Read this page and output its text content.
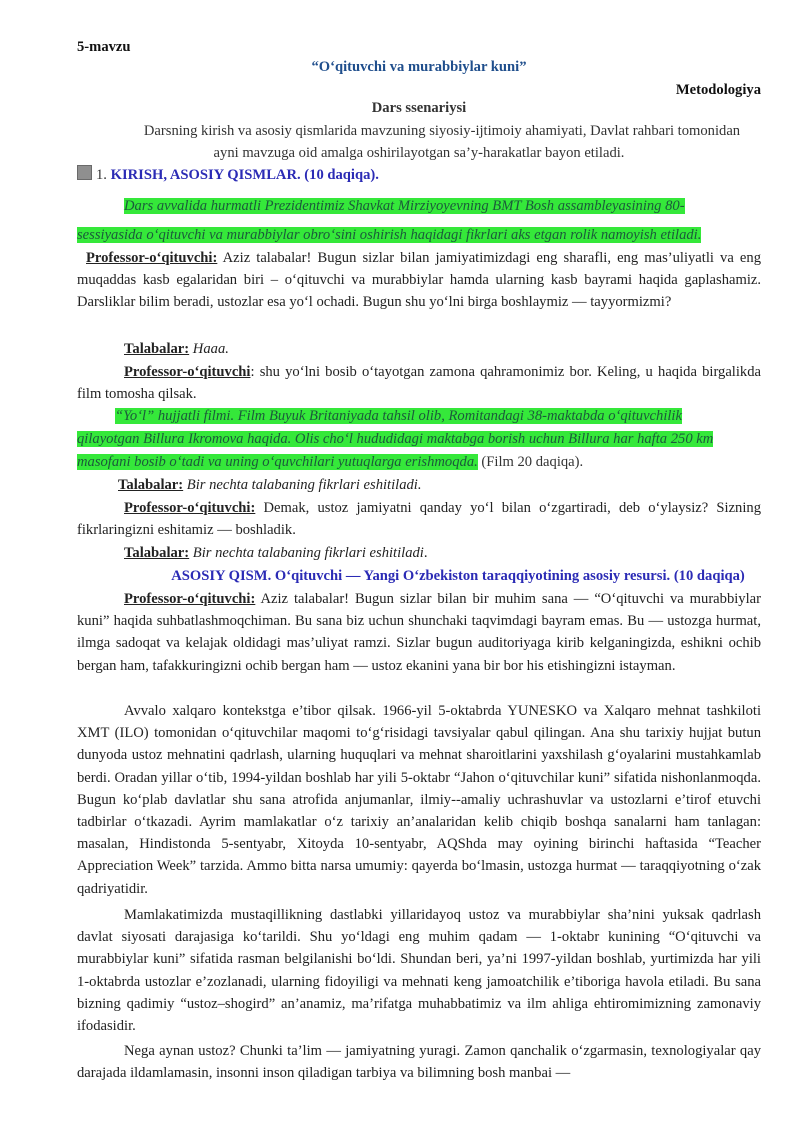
5-mavzu
“O‘qituvchi va murabbiylar kuni”
Metodologiya
Dars ssenariysi
Darsning kirish va asosiy qismlarida mavzuning siyosiy-ijtimoiy ahamiyati, Davlat rahbari tomonidan
ayni mavzuga oid amalga oshirilayotgan sa’y-harakatlar bayon etiladi.
1. KIRISH, ASOSIY QISMLAR. (10 daqiqa).
Dars avvalida hurmatli Prezidentimiz Shavkat Mirziyoyevning BMT Bosh assambleyasining 80-
sessiyasida o‘qituvchi va murabbiylar obro‘sini oshirish haqidagi fikrlari aks etgan rolik namoyish etiladi.

Professor-o‘qituvchi: Aziz talabalar! Bugun sizlar bilan jamiyatimizdagi eng sharafli, eng mas’uliyatli va eng muqaddas kasb egalaridan biri – o‘qituvchi va murabbiylar hamda ularning kasb bayrami haqida gaplashamiz. Darsliklar bilim beradi, ustozlar esa yo‘l ochadi. Bugun shu yo‘lni birga boshlaymiz — tayyormizmi?

Talabalar: Haaa.

Professor-o‘qituvchi: shu yo‘lni bosib o‘tayotgan zamona qahramonimiz bor. Keling, u haqida birgalikda film tomosha qilsak.

“Yo‘l” hujjatli filmi. Film Buyuk Britaniyada tahsil olib, Romitandagi 38-maktabda o‘qituvchilik
qilayotgan Billura Ikromova haqida. Olis cho‘l hududidagi maktabga borish uchun Billura har hafta 250 km
masofani bosib o‘tadi va uning o‘quvchilari yutuqlarga erishmoqda. (Film 20 daqiqa).
Talabalar: Bir nechta talabaning fikrlari eshitiladi.

Professor-o‘qituvchi: Demak, ustoz jamiyatni qanday yo‘l bilan o‘zgartiradi, deb o‘ylaysiz? Sizning fikrlaringizni eshitamiz — boshladik.

Talabalar: Bir nechta talabaning fikrlari eshitiladi.
ASOSIY QISM. O‘qituvchi — Yangi O‘zbekiston taraqqiyotining asosiy resursi. (10 daqiqa)

Professor-o‘qituvchi: Aziz talabalar! Bugun sizlar bilan bir muhim sana — “O‘qituvchi va murabbiylar kuni” haqida suhbatlashmoqchiman. Bu sana biz uchun shunchaki taqvimdagi bayram emas. Bu — ustozga hurmat, ilmga sadoqat va kelajak oldidagi mas’uliyat ramzi. Sizlar bugun auditoriyaga kirib kelganingizda, eshikni ochib bergan ham, tafakkuringizni ochib bergan ham — ustoz ekanini yana bir bor his etishingizni istayman.

Avvalo xalqaro kontekstga e’tibor qilsak. 1966-yil 5-oktabrda YUNESKO va Xalqaro mehnat tashkiloti XMT (ILO) tomonidan o‘qituvchilar maqomi to‘g‘risidagi tavsiyalar qabul qilingan. Ana shu tarixiy hujjat butun dunyoda ustoz mehnatini qadrlash, ularning huquqlari va mehnat sharoitlarini yaxshilash g‘oyalarini mustahkamlab berdi. Oradan yillar o‘tib, 1994-yildan boshlab har yili 5-oktabr “Jahon o‘qituvchilar kuni” sifatida nishonlanmoqda. Bugun ko‘plab davlatlar shu sana atrofida anjumanlar, ilmiy--amaliy uchrashuvlar va ustozlarni e’tirof etuvchi tadbirlar o‘tkazadi. Ayrim mamlakatlar o‘z tarixiy an’analaridan kelib chiqib boshqa sanalarni ham tanlagan: masalan, Hindistonda 5-sentyabr, Xitoyda 10-sentyabr, AQShda may oyining birinchi haftasida “Teacher Appreciation Week” tarzida. Ammo bitta narsa umumiy: qayerda bo‘lmasin, ustozga hurmat — taraqqiyotning o‘zak qadriyatidir.

Mamlakatimizda mustaqillikning dastlabki yillaridayoq ustoz va murabbiylar sha’nini yuksak qadrlash davlat siyosati darajasiga ko‘tarildi. Shu yo‘ldagi eng muhim qadam — 1-oktabr kunining “O‘qituvchi va murabbiylar kuni” sifatida rasman belgilanishi bo‘ldi. Shundan beri, ya’ni 1997-yildan boshlab, yurtimizda har yili 1-oktabrda ustozlar e’zozlanadi, ularning fidoyiligi va mehnati keng jamoatchilik e’tiboriga havola etiladi. Bu sana bizning qadimiy “ustoz–shogird” an’anamiz, ma’rifatga muhabbatimiz va ilm ahliga ehtiromimizning zamonaviy ifodasidir.

Nega aynan ustoz? Chunki ta’lim — jamiyatning yuragi. Zamon qanchalik o‘zgarmasin, texnologiyalar qay darajada ildamlamasin, insonni inson qiladigan tarbiya va bilimning bosh manbai —
